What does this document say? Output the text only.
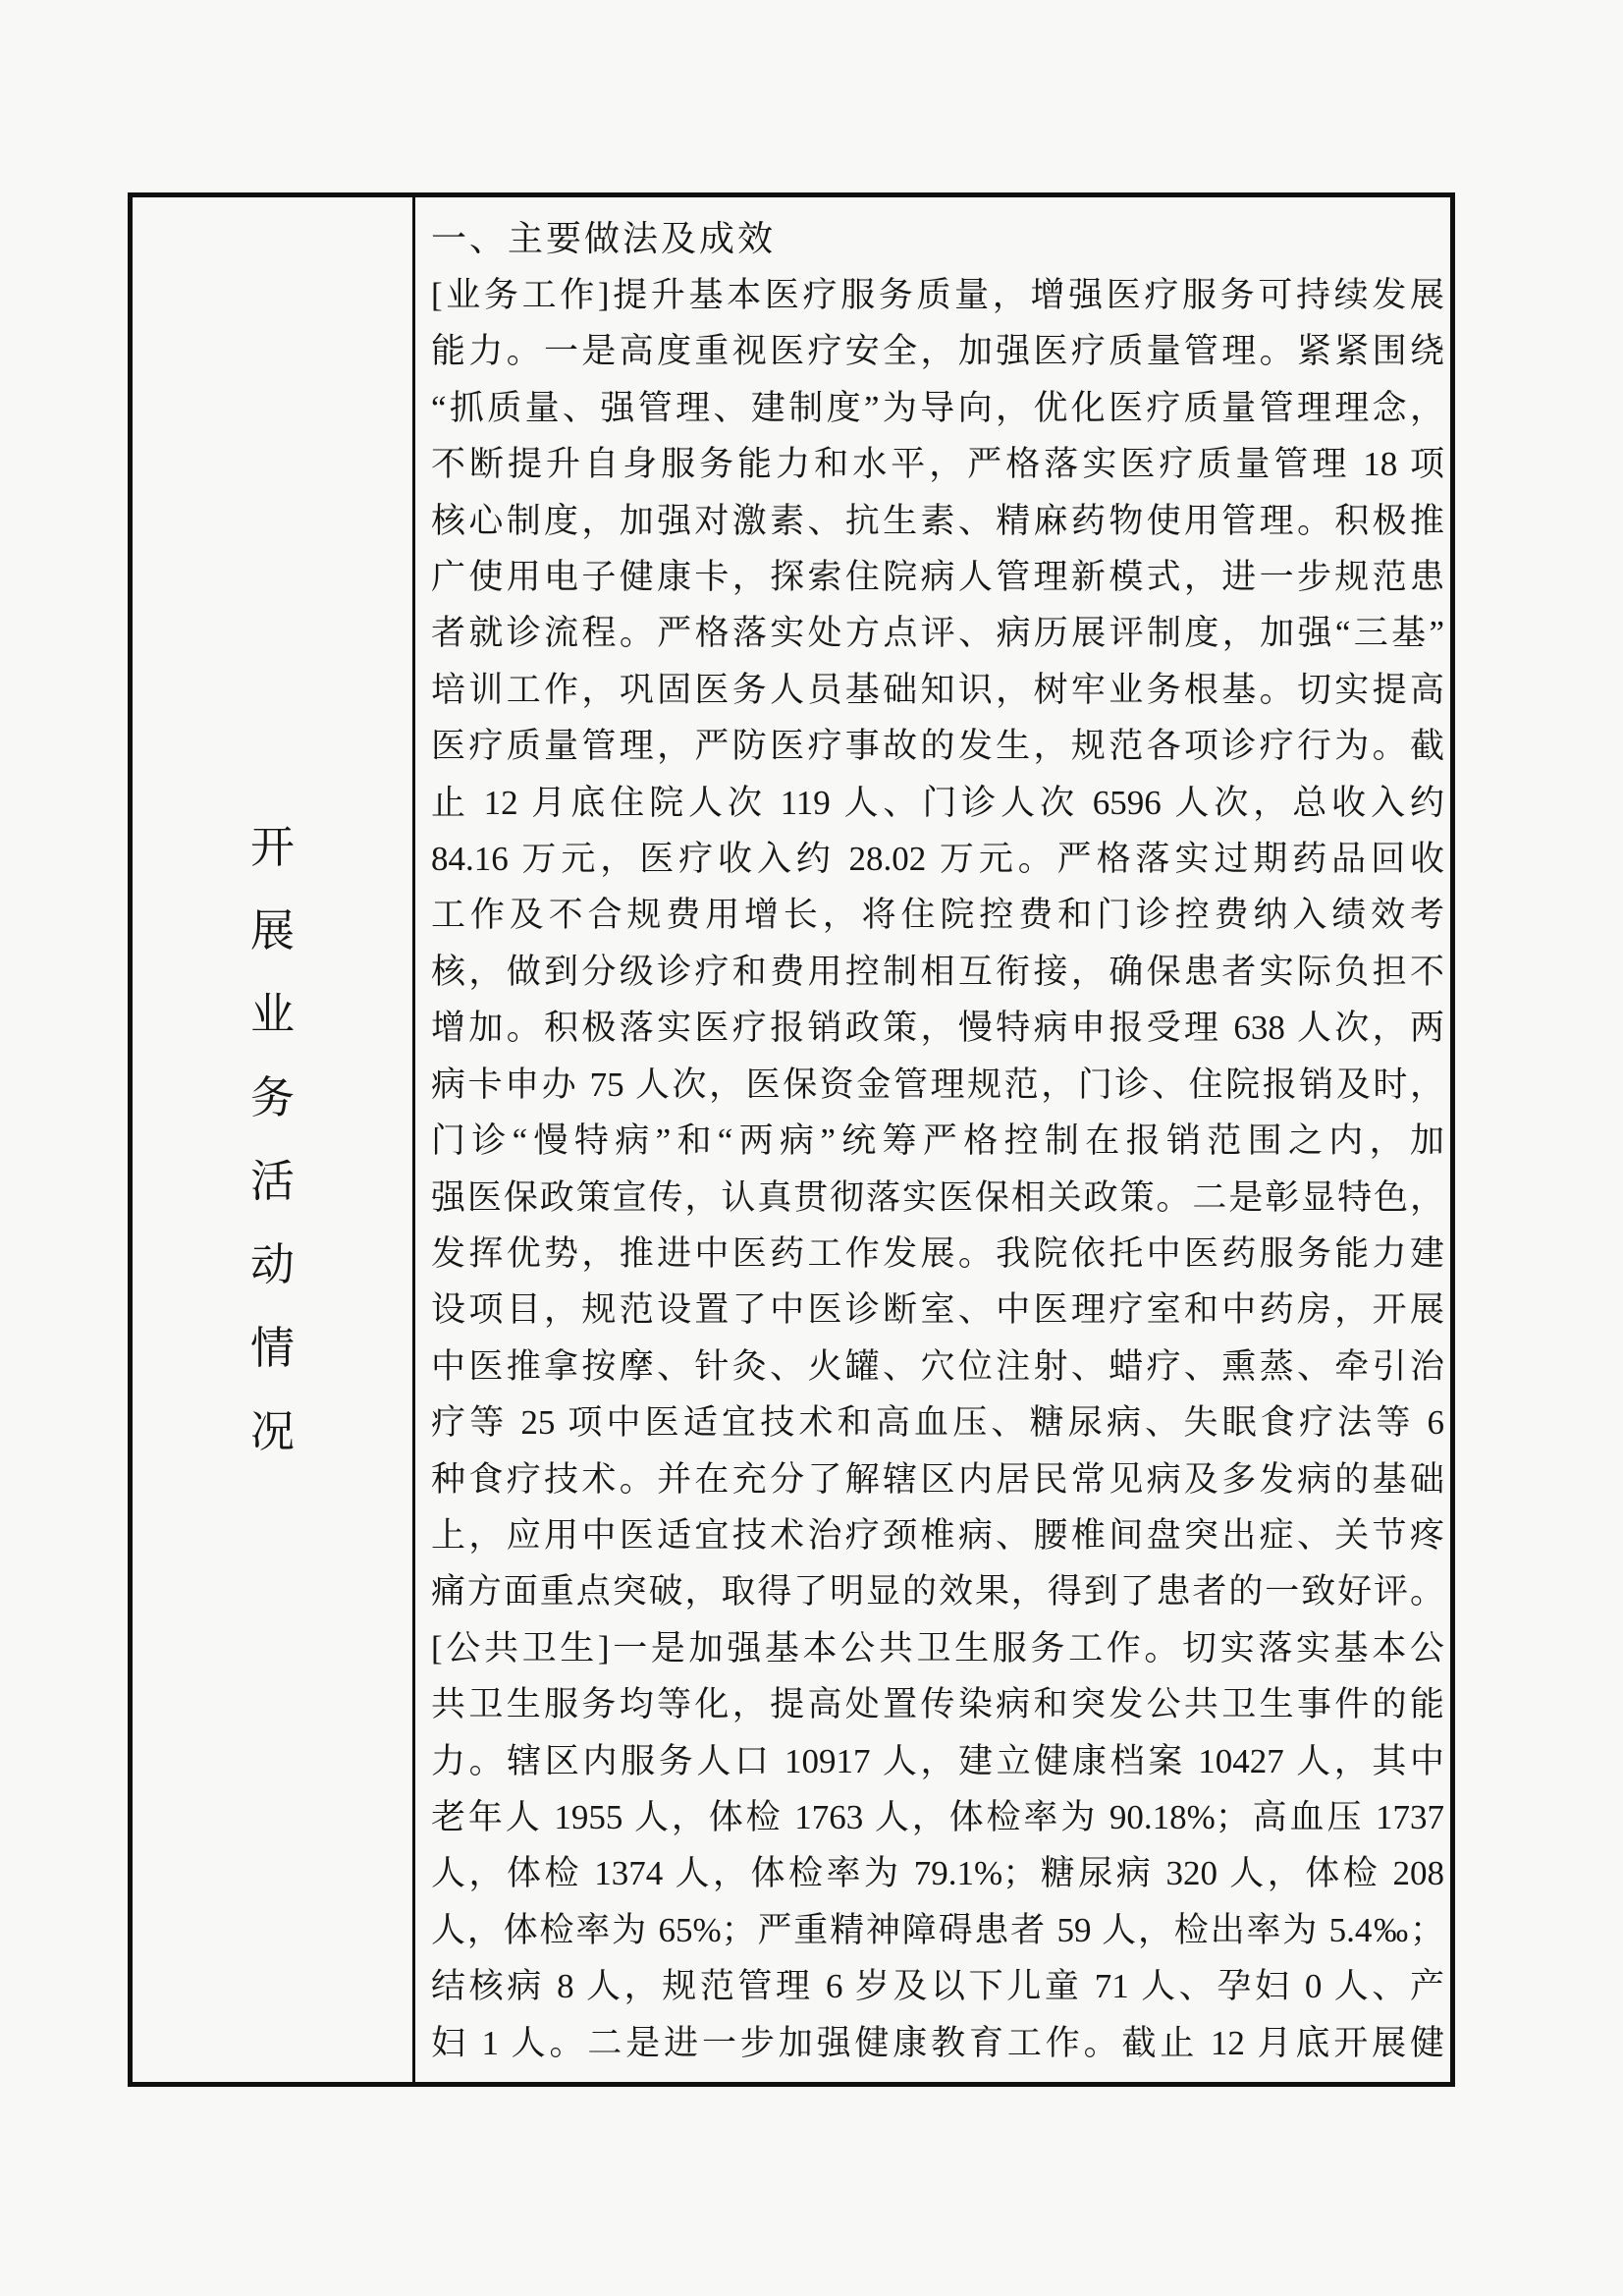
开
展
业
务
活
动
情
况
一、主要做法及成效
[业务工作]提升基本医疗服务质量，增强医疗服务可持续发展
能力。一是高度重视医疗安全，加强医疗质量管理。紧紧围绕
“抓质量、强管理、建制度”为导向，优化医疗质量管理理念，
不断提升自身服务能力和水平，严格落实医疗质量管理 18 项
核心制度，加强对激素、抗生素、精麻药物使用管理。积极推
广使用电子健康卡，探索住院病人管理新模式，进一步规范患
者就诊流程。严格落实处方点评、病历展评制度，加强“三基”
培训工作，巩固医务人员基础知识，树牢业务根基。切实提高
医疗质量管理，严防医疗事故的发生，规范各项诊疗行为。截
止 12 月底住院人次 119 人、门诊人次 6596 人次，总收入约
84.16 万元，医疗收入约 28.02 万元。严格落实过期药品回收
工作及不合规费用增长，将住院控费和门诊控费纳入绩效考
核，做到分级诊疗和费用控制相互衔接，确保患者实际负担不
增加。积极落实医疗报销政策，慢特病申报受理 638 人次，两
病卡申办 75 人次，医保资金管理规范，门诊、住院报销及时，
门诊“慢特病”和“两病”统筹严格控制在报销范围之内，加
强医保政策宣传，认真贯彻落实医保相关政策。二是彰显特色，
发挥优势，推进中医药工作发展。我院依托中医药服务能力建
设项目，规范设置了中医诊断室、中医理疗室和中药房，开展
中医推拿按摩、针灸、火罐、穴位注射、蜡疗、熏蒸、牵引治
疗等 25 项中医适宜技术和高血压、糖尿病、失眠食疗法等 6
种食疗技术。并在充分了解辖区内居民常见病及多发病的基础
上，应用中医适宜技术治疗颈椎病、腰椎间盘突出症、关节疼
痛方面重点突破，取得了明显的效果，得到了患者的一致好评。
[公共卫生]一是加强基本公共卫生服务工作。切实落实基本公
共卫生服务均等化，提高处置传染病和突发公共卫生事件的能
力。辖区内服务人口 10917 人，建立健康档案 10427 人，其中
老年人 1955 人，体检 1763 人，体检率为 90.18%；高血压 1737
人，体检 1374 人，体检率为 79.1%；糖尿病 320 人，体检 208
人，体检率为 65%；严重精神障碍患者 59 人，检出率为 5.4‰；
结核病 8 人，规范管理 6 岁及以下儿童 71 人、孕妇 0 人、产
妇 1 人。二是进一步加强健康教育工作。截止 12 月底开展健
